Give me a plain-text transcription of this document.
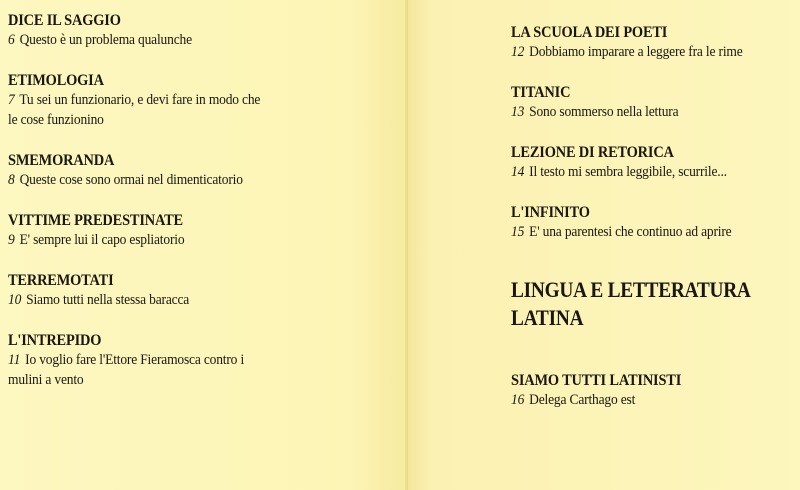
DICE IL SAGGIO
6 Questo è un problema qualunche
ETIMOLOGIA
7 Tu sei un funzionario, e devi fare in modo che
le cose funzionino
SMEMORANDA
8 Queste cose sono ormai nel dimenticatorio
VITTIME PREDESTINATE
9 E' sempre lui il capo espliatorio
TERREMOTATI
10 Siamo tutti nella stessa baracca
L'INTREPIDO
11 Io voglio fare l'Ettore Fieramosca contro i
mulini a vento
LA SCUOLA DEI POETI
12 Dobbiamo imparare a leggere fra le rime
TITANIC
13 Sono sommerso nella lettura
LEZIONE DI RETORICA
14 Il testo mi sembra leggibile, scurrile...
L'INFINITO
15 E' una parentesi che continuo ad aprire
LINGUA E LETTERATURA LATINA
SIAMO TUTTI LATINISTI
16 Delega Carthago est
